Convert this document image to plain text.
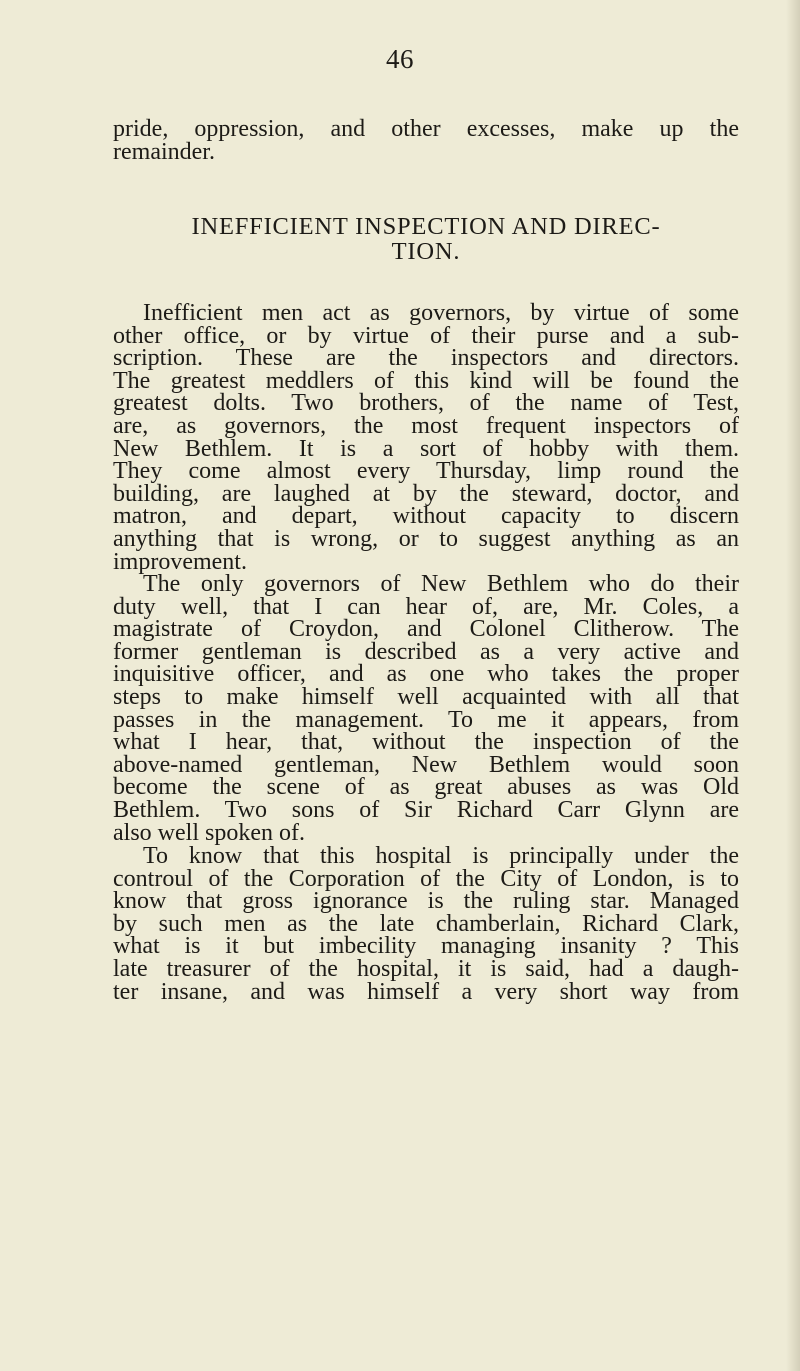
46
pride, oppression, and other excesses, make up the
remainder.
INEFFICIENT INSPECTION AND DIREC-
TION.
Inefficient men act as governors, by virtue of some
other office, or by virtue of their purse and a sub-
scription. These are the inspectors and directors.
The greatest meddlers of this kind will be found the
greatest dolts. Two brothers, of the name of Test,
are, as governors, the most frequent inspectors of
New Bethlem. It is a sort of hobby with them.
They come almost every Thursday, limp round the
building, are laughed at by the steward, doctor, and
matron, and depart, without capacity to discern
anything that is wrong, or to suggest anything as an
improvement.
The only governors of New Bethlem who do their
duty well, that I can hear of, are, Mr. Coles, a
magistrate of Croydon, and Colonel Clitherow. The
former gentleman is described as a very active and
inquisitive officer, and as one who takes the proper
steps to make himself well acquainted with all that
passes in the management. To me it appears, from
what I hear, that, without the inspection of the
above-named gentleman, New Bethlem would soon
become the scene of as great abuses as was Old
Bethlem. Two sons of Sir Richard Carr Glynn are
also well spoken of.
To know that this hospital is principally under the
controul of the Corporation of the City of London, is to
know that gross ignorance is the ruling star. Managed
by such men as the late chamberlain, Richard Clark,
what is it but imbecility managing insanity ? This
late treasurer of the hospital, it is said, had a daugh-
ter insane, and was himself a very short way from
